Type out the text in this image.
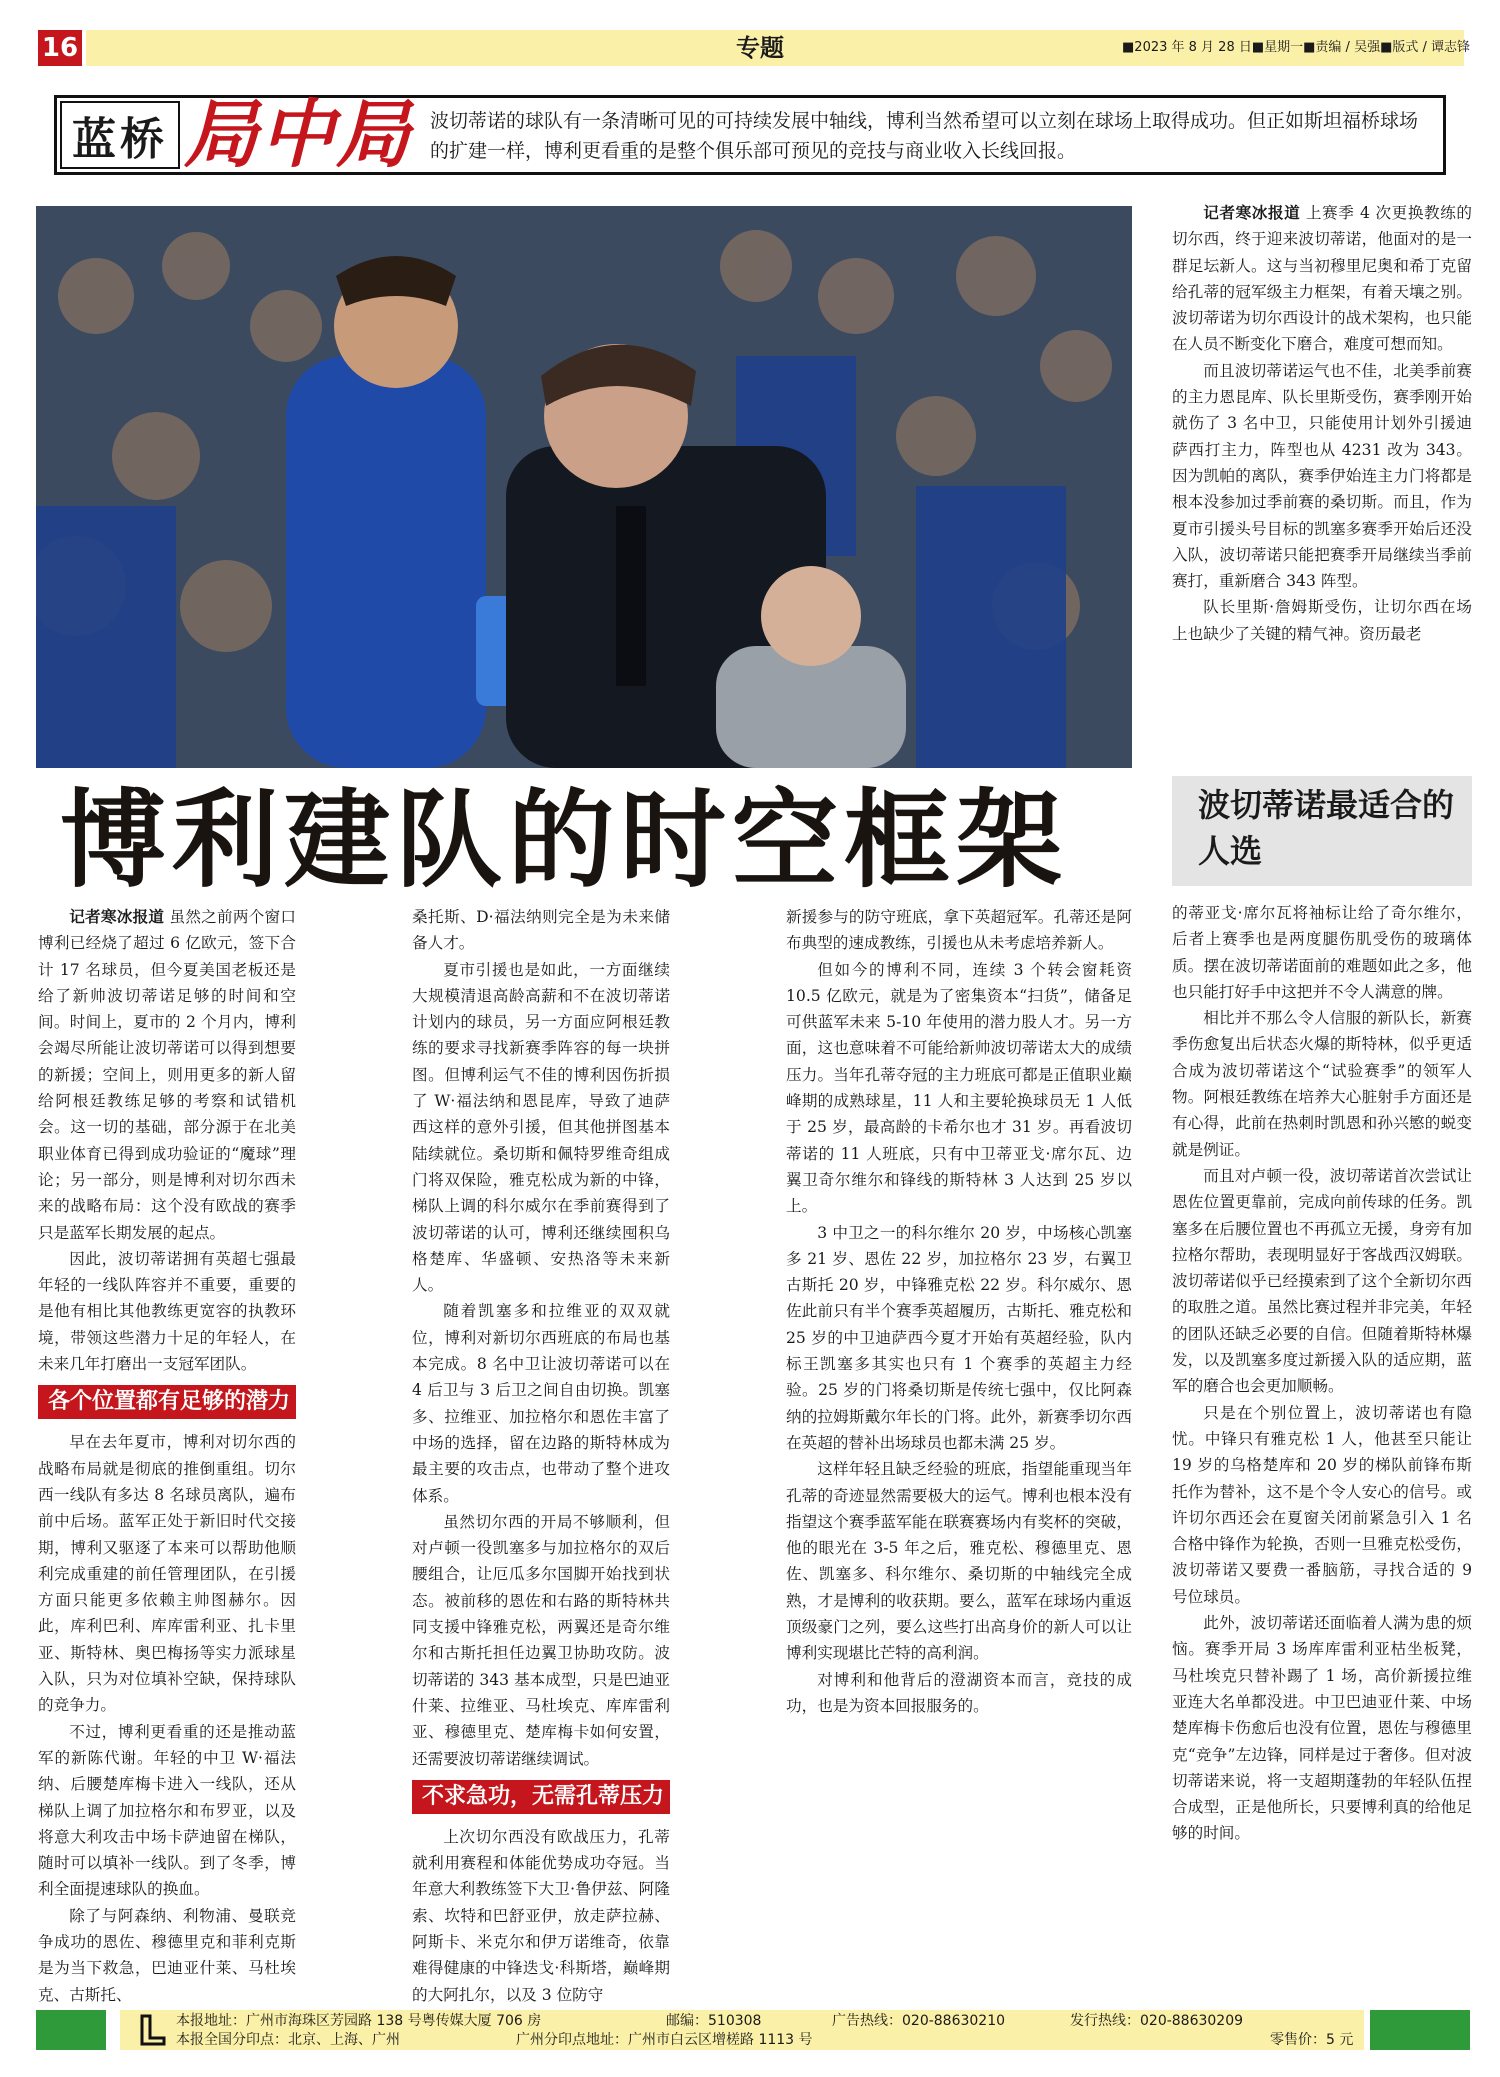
16	专题	■2023 年 8 月 28 日■星期一■责编 / 吴强■版式 / 谭志锋
蓝桥 局中局 波切蒂诺的球队有一条清晰可见的可持续发展中轴线，博利当然希望可以立刻在球场上取得成功。但正如斯坦福桥球场的扩建一样，博利更看重的是整个俱乐部可预见的竞技与商业收入长线回报。
博利建队的时空框架

记者寒冰报道 虽然之前两个窗口博利已经烧了超过 6 亿欧元，签下合计 17 名球员，但今夏美国老板还是给了新帅波切蒂诺足够的时间和空间。时间上，夏市的 2 个月内，博利会竭尽所能让波切蒂诺可以得到想要的新援；空间上，则用更多的新人留给阿根廷教练足够的考察和试错机会。这一切的基础，部分源于在北美职业体育已得到成功验证的“魔球”理论；另一部分，则是博利对切尔西未来的战略布局：这个没有欧战的赛季只是蓝军长期发展的起点。

因此，波切蒂诺拥有英超七强最年轻的一线队阵容并不重要，重要的是他有相比其他教练更宽容的执教环境，带领这些潜力十足的年轻人，在未来几年打磨出一支冠军团队。

各个位置都有足够的潜力

早在去年夏市，博利对切尔西的战略布局就是彻底的推倒重组。切尔西一线队有多达 8 名球员离队，遍布前中后场。蓝军正处于新旧时代交接期，博利又驱逐了本来可以帮助他顺利完成重建的前任管理团队，在引援方面只能更多依赖主帅图赫尔。因此，库利巴利、库库雷利亚、扎卡里亚、斯特林、奥巴梅扬等实力派球星入队，只为对位填补空缺，保持球队的竞争力。

不过，博利更看重的还是推动蓝军的新陈代谢。年轻的中卫 W·福法纳、后腰楚库梅卡进入一线队，还从梯队上调了加拉格尔和布罗亚，以及将意大利攻击中场卡萨迪留在梯队，随时可以填补一线队。到了冬季，博利全面提速球队的换血。

除了与阿森纳、利物浦、曼联竞争成功的恩佐、穆德里克和菲利克斯是为当下救急，巴迪亚什莱、马杜埃克、古斯托、

桑托斯、D·福法纳则完全是为未来储备人才。

夏市引援也是如此，一方面继续大规模清退高龄高薪和不在波切蒂诺计划内的球员，另一方面应阿根廷教练的要求寻找新赛季阵容的每一块拼图。但博利运气不佳的博利因伤折损了 W·福法纳和恩昆库，导致了迪萨西这样的意外引援，但其他拼图基本陆续就位。桑切斯和佩特罗维奇组成门将双保险，雅克松成为新的中锋，梯队上调的科尔威尔在季前赛得到了波切蒂诺的认可，博利还继续囤积乌格楚库、华盛顿、安热洛等未来新人。

随着凯塞多和拉维亚的双双就位，博利对新切尔西班底的布局也基本完成。8 名中卫让波切蒂诺可以在 4 后卫与 3 后卫之间自由切换。凯塞多、拉维亚、加拉格尔和恩佐丰富了中场的选择，留在边路的斯特林成为最主要的攻击点，也带动了整个进攻体系。

虽然切尔西的开局不够顺利，但对卢顿一役凯塞多与加拉格尔的双后腰组合，让厄瓜多尔国脚开始找到状态。被前移的恩佐和右路的斯特林共同支援中锋雅克松，两翼还是奇尔维尔和古斯托担任边翼卫协助攻防。波切蒂诺的 343 基本成型，只是巴迪亚什莱、拉维亚、马杜埃克、库库雷利亚、穆德里克、楚库梅卡如何安置，还需要波切蒂诺继续调试。

不求急功，无需孔蒂压力

上次切尔西没有欧战压力，孔蒂就利用赛程和体能优势成功夺冠。当年意大利教练签下大卫·鲁伊兹、阿隆索、坎特和巴舒亚伊，放走萨拉赫、阿斯卡、米克尔和伊万诺维奇，依靠难得健康的中锋迭戈·科斯塔，巅峰期的大阿扎尔，以及 3 位防守

新援参与的防守班底，拿下英超冠军。孔蒂还是阿布典型的速成教练，引援也从未考虑培养新人。

但如今的博利不同，连续 3 个转会窗耗资 10.5 亿欧元，就是为了密集资本“扫货”，储备足可供蓝军未来 5-10 年使用的潜力股人才。另一方面，这也意味着不可能给新帅波切蒂诺太大的成绩压力。当年孔蒂夺冠的主力班底可都是正值职业巅峰期的成熟球星，11 人和主要轮换球员无 1 人低于 25 岁，最高龄的卡希尔也才 31 岁。再看波切蒂诺的 11 人班底，只有中卫蒂亚戈·席尔瓦、边翼卫奇尔维尔和锋线的斯特林 3 人达到 25 岁以上。

3 中卫之一的科尔维尔 20 岁，中场核心凯塞多 21 岁、恩佐 22 岁，加拉格尔 23 岁，右翼卫古斯托 20 岁，中锋雅克松 22 岁。科尔威尔、恩佐此前只有半个赛季英超履历，古斯托、雅克松和 25 岁的中卫迪萨西今夏才开始有英超经验，队内标王凯塞多其实也只有 1 个赛季的英超主力经验。25 岁的门将桑切斯是传统七强中，仅比阿森纳的拉姆斯戴尔年长的门将。此外，新赛季切尔西在英超的替补出场球员也都未满 25 岁。

这样年轻且缺乏经验的班底，指望能重现当年孔蒂的奇迹显然需要极大的运气。博利也根本没有指望这个赛季蓝军能在联赛赛场内有奖杯的突破，他的眼光在 3-5 年之后，雅克松、穆德里克、恩佐、凯塞多、科尔维尔、桑切斯的中轴线完全成熟，才是博利的收获期。要么，蓝军在球场内重返顶级豪门之列，要么这些打出高身价的新人可以让博利实现堪比芒特的高利润。

对博利和他背后的澄湖资本而言，竞技的成功，也是为资本回报服务的。

记者寒冰报道 上赛季 4 次更换教练的切尔西，终于迎来波切蒂诺，他面对的是一群足坛新人。这与当初穆里尼奥和希丁克留给孔蒂的冠军级主力框架，有着天壤之别。波切蒂诺为切尔西设计的战术架构，也只能在人员不断变化下磨合，难度可想而知。

而且波切蒂诺运气也不佳，北美季前赛的主力恩昆库、队长里斯受伤，赛季刚开始就伤了 3 名中卫，只能使用计划外引援迪萨西打主力，阵型也从 4231 改为 343。因为凯帕的离队，赛季伊始连主力门将都是根本没参加过季前赛的桑切斯。而且，作为夏市引援头号目标的凯塞多赛季开始后还没入队，波切蒂诺只能把赛季开局继续当季前赛打，重新磨合 343 阵型。

队长里斯·詹姆斯受伤，让切尔西在场上也缺少了关键的精气神。资历最老

波切蒂诺最适合的人选

的蒂亚戈·席尔瓦将袖标让给了奇尔维尔，后者上赛季也是两度腿伤肌受伤的玻璃体质。摆在波切蒂诺面前的难题如此之多，他也只能打好手中这把并不令人满意的牌。

相比并不那么令人信服的新队长，新赛季伤愈复出后状态火爆的斯特林，似乎更适合成为波切蒂诺这个“试验赛季”的领军人物。阿根廷教练在培养大心脏射手方面还是有心得，此前在热刺时凯恩和孙兴慜的蜕变就是例证。

而且对卢顿一役，波切蒂诺首次尝试让恩佐位置更靠前，完成向前传球的任务。凯塞多在后腰位置也不再孤立无援，身旁有加拉格尔帮助，表现明显好于客战西汉姆联。波切蒂诺似乎已经摸索到了这个全新切尔西的取胜之道。虽然比赛过程并非完美，年轻的团队还缺乏必要的自信。但随着斯特林爆发，以及凯塞多度过新援入队的适应期，蓝军的磨合也会更加顺畅。

只是在个别位置上，波切蒂诺也有隐忧。中锋只有雅克松 1 人，他甚至只能让 19 岁的乌格楚库和 20 岁的梯队前锋布斯托作为替补，这不是个令人安心的信号。或许切尔西还会在夏窗关闭前紧急引入 1 名合格中锋作为轮换，否则一旦雅克松受伤，波切蒂诺又要费一番脑筋，寻找合适的 9 号位球员。

此外，波切蒂诺还面临着人满为患的烦恼。赛季开局 3 场库库雷利亚枯坐板凳，马杜埃克只替补踢了 1 场，高价新援拉维亚连大名单都没进。中卫巴迪亚什莱、中场楚库梅卡伤愈后也没有位置，恩佐与穆德里克“竞争”左边锋，同样是过于奢侈。但对波切蒂诺来说，将一支超期蓬勃的年轻队伍捏合成型，正是他所长，只要博利真的给他足够的时间。

本报地址：广州市海珠区芳园路 138 号粤传媒大厦 706 房	邮编：510308	广告热线：020-88630210	发行热线：020-88630209
本报全国分印点：北京、上海、广州	广州分印点地址：广州市白云区增槎路 1113 号	零售价：5 元
